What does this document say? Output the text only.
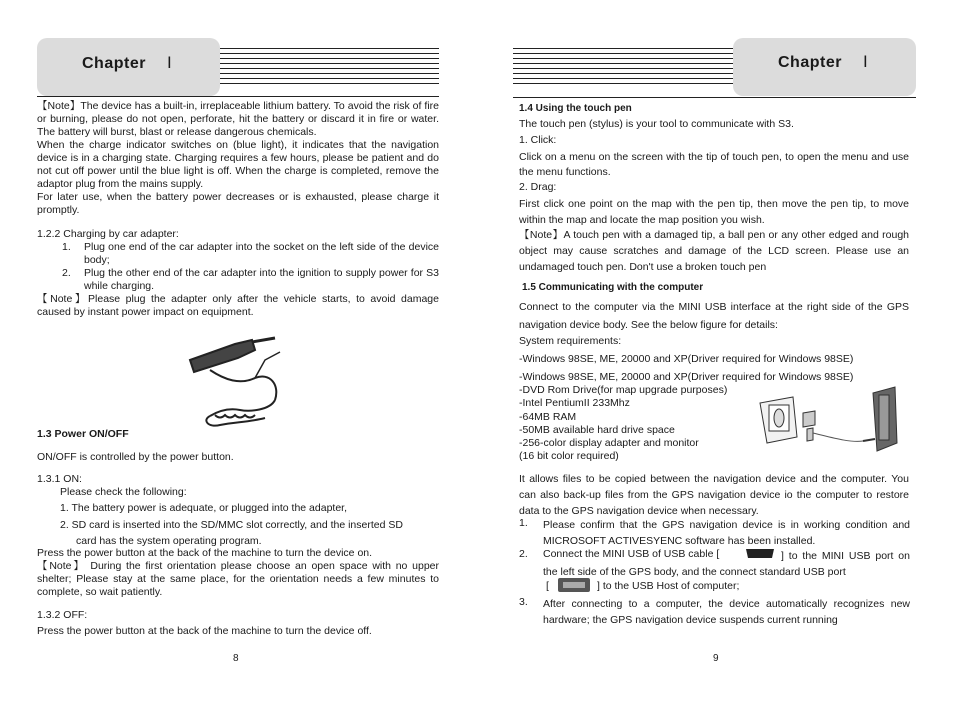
Chapter Ⅰ
【Note】The device has a built-in, irreplaceable lithium battery. To avoid the risk of fire or burning, please do not open, perforate, hit the battery or discard it in fire or water. The battery will burst, blast or release dangerous chemicals.
When the charge indicator switches on (blue light), it indicates that the navigation device is in a charging state. Charging requires a few hours, please be patient and do not cut off power until the blue light is off. When the charge is completed, remove the adaptor plug from the mains supply.
For later use, when the battery power decreases or is exhausted, please charge it promptly.
1.2.2 Charging by car adapter:
1. Plug one end of the car adapter into the socket on the left side of the device body;
2. Plug the other end of the car adapter into the ignition to supply power for S3 while charging.
【Note】Please plug the adapter only after the vehicle starts, to avoid damage caused by instant power impact on equipment.
1.3 Power ON/OFF
ON/OFF is controlled by the power button.
1.3.1 ON:
Please check the following:
1. The battery power is adequate, or plugged into the adapter,
2. SD card is inserted into the SD/MMC slot correctly, and the inserted SD
card has the system operating program.
Press the power button at the back of the machine to turn the device on.
【Note】 During the first orientation please choose an open space with no upper shelter; Please stay at the same place, for the orientation needs a few minutes to complete, so wait patiently.
1.3.2 OFF:
Press the power button at the back of the machine to turn the device off.
8
Chapter Ⅰ
1.4 Using the touch pen
The touch pen (stylus) is your tool to communicate with S3.
1. Click:
Click on a menu on the screen with the tip of touch pen, to open the menu and use the menu functions.
2. Drag:
First click one point on the map with the pen tip, then move the pen tip, to move within the map and locate the map position you wish.
【Note】A touch pen with a damaged tip, a ball pen or any other edged and rough object may cause scratches and damage of the LCD screen. Please use an undamaged touch pen. Don't use a broken touch pen
1.5 Communicating with the computer
Connect to the computer via the MINI USB interface at the right side of the GPS navigation device body. See the below figure for details:
System requirements:
-Windows 98SE, ME, 20000 and XP(Driver required for Windows 98SE)
-Windows 98SE, ME, 20000 and XP(Driver required for Windows 98SE)
-DVD Rom Drive(for map upgrade purposes)
-Intel PentiumII 233Mhz
-64MB RAM
-50MB available hard drive space
-256-color display adapter and monitor
(16 bit color required)
It allows files to be copied between the navigation device and the computer. You can also back-up files from the GPS navigation device io the computer to restore data to the GPS navigation device when necessary.
1. Please confirm that the GPS navigation device is in working condition and MICROSOFT ACTIVESYENC software has been installed.
2. Connect the MINI USB of USB cable [	] to the MINI USB port on the left side of the GPS body, and the connect standard USB port
[	] to the USB Host of computer;
3. After connecting to a computer, the device automatically recognizes new hardware; the GPS navigation device suspends current running
9
